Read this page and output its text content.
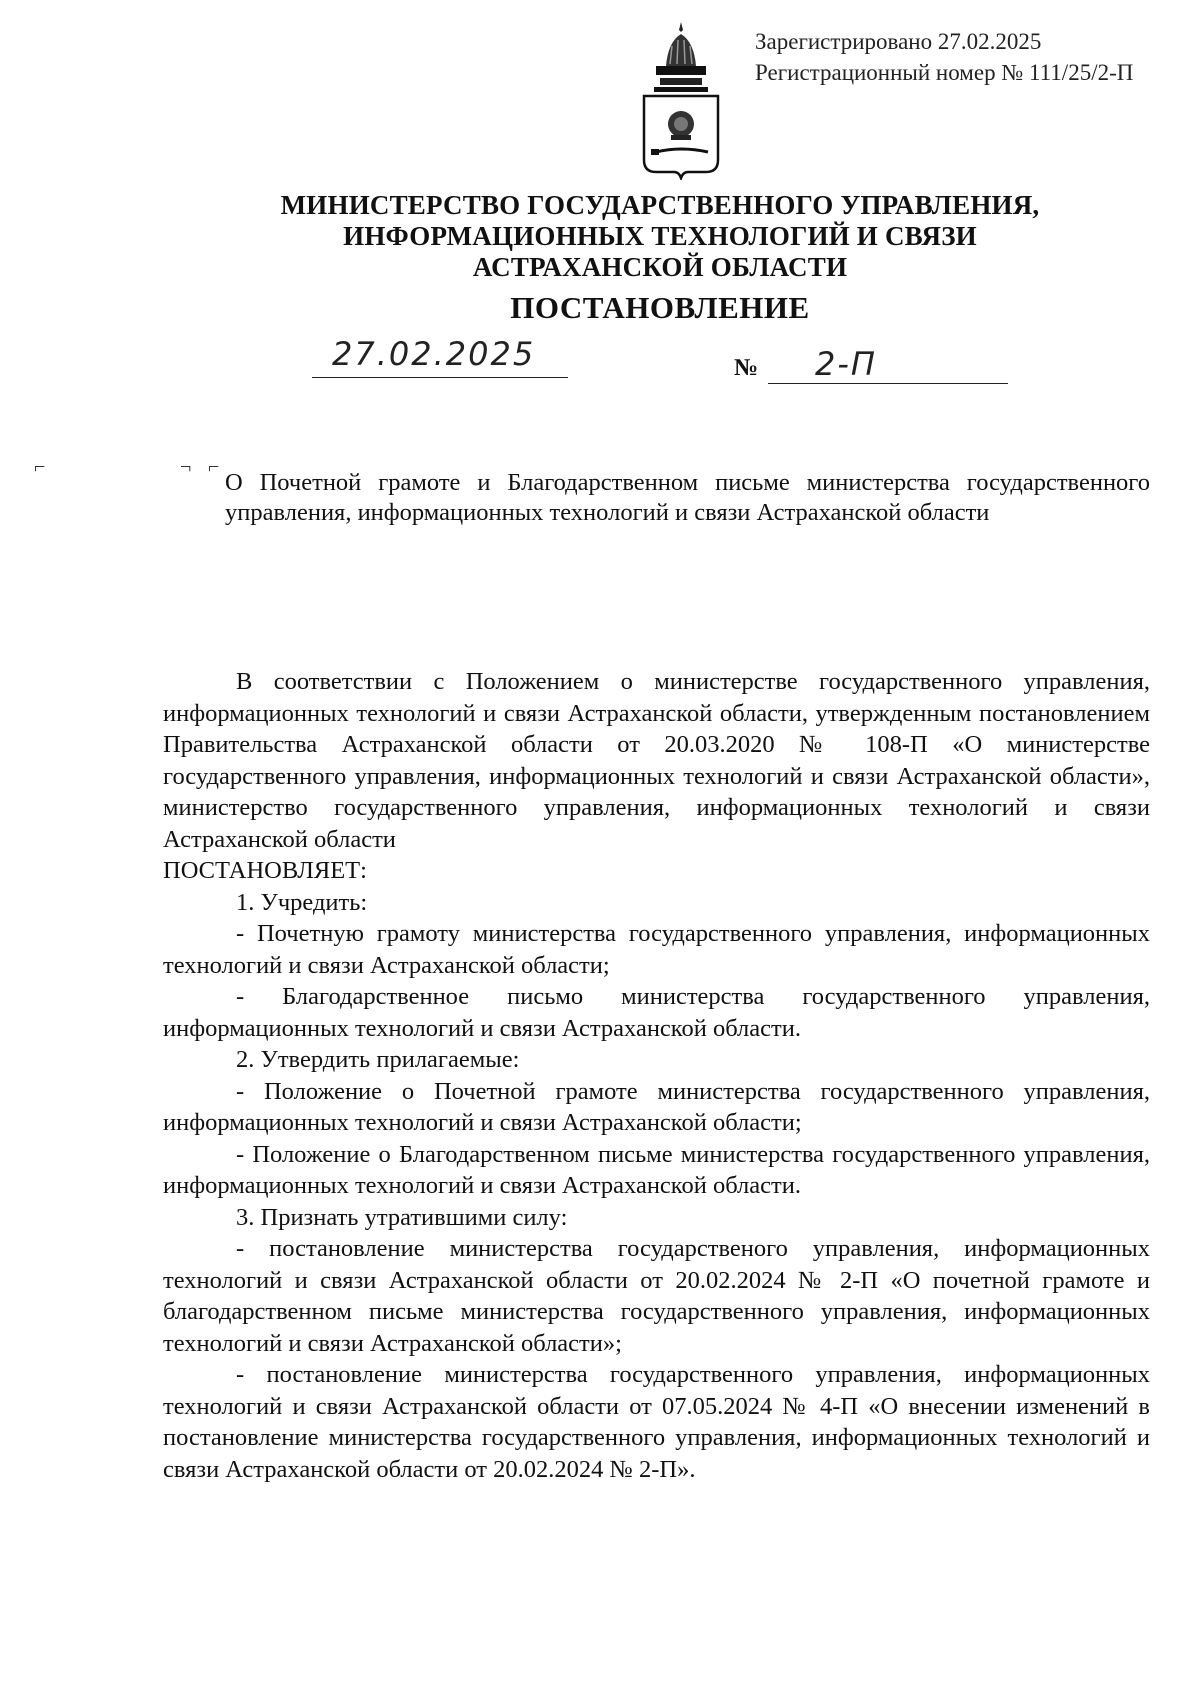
Зарегистрировано 27.02.2025
Регистрационный номер № 111/25/2-П
МИНИСТЕРСТВО ГОСУДАРСТВЕННОГО УПРАВЛЕНИЯ,
ИНФОРМАЦИОННЫХ ТЕХНОЛОГИЙ И СВЯЗИ
АСТРАХАНСКОЙ ОБЛАСТИ
ПОСТАНОВЛЕНИЕ
27.02.2025	№ 2-П
⌐	¬ ⌐
О Почетной грамоте и Благодарственном письме министерства государственного управления, информационных технологий и связи Астраханской области

В соответствии с Положением о министерстве государственного управления, информационных технологий и связи Астраханской области, утвержденным постановлением Правительства Астраханской области от 20.03.2020 № 108-П «О министерстве государственного управления, информационных технологий и связи Астраханской области», министерство государственного управления, информационных технологий и связи Астраханской области

ПОСТАНОВЛЯЕТ:

1. Учредить:

- Почетную грамоту министерства государственного управления, информационных технологий и связи Астраханской области;

- Благодарственное письмо министерства государственного управления, информационных технологий и связи Астраханской области.

2. Утвердить прилагаемые:

- Положение о Почетной грамоте министерства государственного управления, информационных технологий и связи Астраханской области;

- Положение о Благодарственном письме министерства государственного управления, информационных технологий и связи Астраханской области.

3. Признать утратившими силу:

- постановление министерства государственого управления, информационных технологий и связи Астраханской области от 20.02.2024 № 2-П «О почетной грамоте и благодарственном письме министерства государственного управления, информационных технологий и связи Астраханской области»;

- постановление министерства государственного управления, информационных технологий и связи Астраханской области от 07.05.2024 № 4-П «О внесении изменений в постановление министерства государственного управления, информационных технологий и связи Астраханской области от 20.02.2024 № 2-П».
